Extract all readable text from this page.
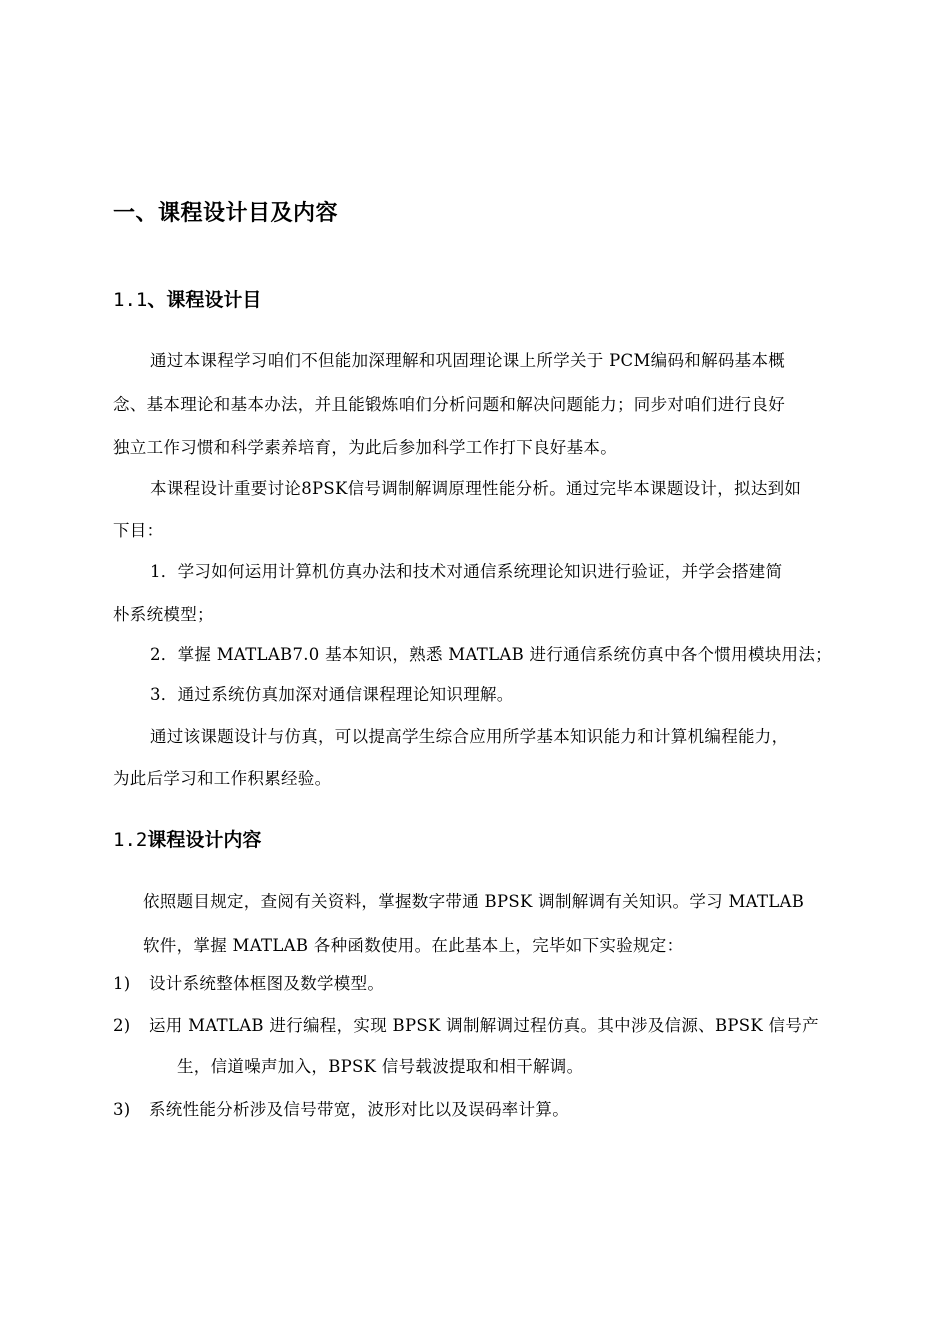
一、课程设计目及内容
1.1、课程设计目
通过本课程学习咱们不但能加深理解和巩固理论课上所学关于 PCM编码和解码基本概
念、基本理论和基本办法，并且能锻炼咱们分析问题和解决问题能力；同步对咱们进行良好
独立工作习惯和科学素养培育，为此后参加科学工作打下良好基本。
本课程设计重要讨论8PSK信号调制解调原理性能分析。通过完毕本课题设计，拟达到如
下目：
1．学习如何运用计算机仿真办法和技术对通信系统理论知识进行验证，并学会搭建简
朴系统模型；
2．掌握 MATLAB7.0 基本知识，熟悉 MATLAB 进行通信系统仿真中各个惯用模块用法；
3．通过系统仿真加深对通信课程理论知识理解。
通过该课题设计与仿真，可以提高学生综合应用所学基本知识能力和计算机编程能力，
为此后学习和工作积累经验。
1.2课程设计内容
依照题目规定，查阅有关资料，掌握数字带通 BPSK 调制解调有关知识。学习 MATLAB
软件，掌握 MATLAB 各种函数使用。在此基本上，完毕如下实验规定：
1) 设计系统整体框图及数学模型。
2) 运用 MATLAB 进行编程，实现 BPSK 调制解调过程仿真。其中涉及信源、BPSK 信号产
生，信道噪声加入，BPSK 信号载波提取和相干解调。
3) 系统性能分析涉及信号带宽，波形对比以及误码率计算。
